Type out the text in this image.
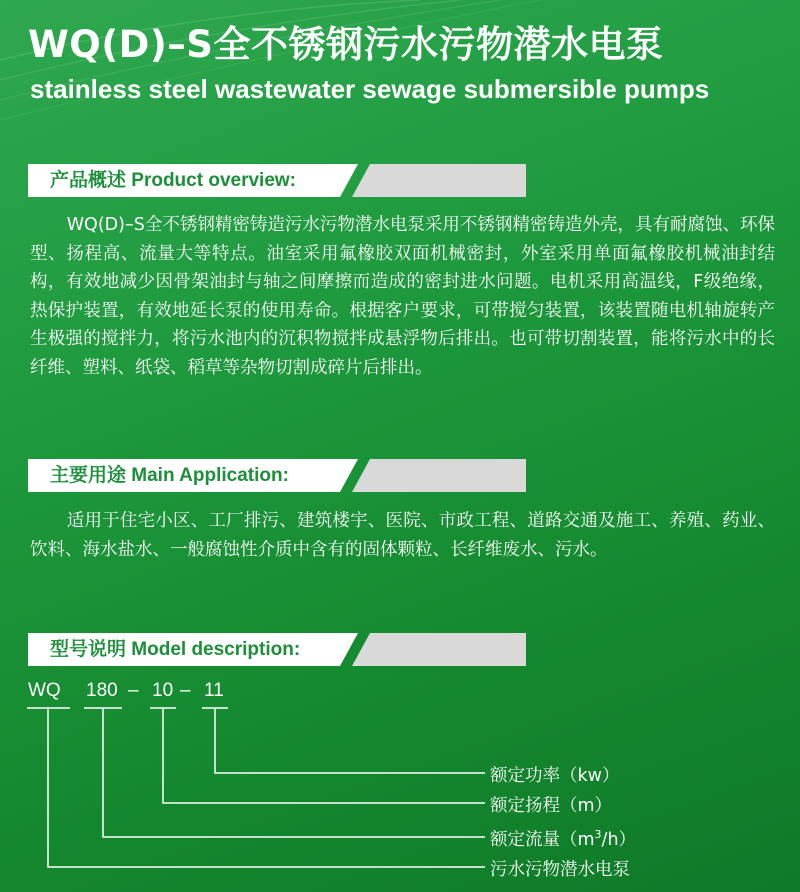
WQ(D)–S全不锈钢污水污物潜水电泵
stainless steel wastewater sewage submersible pumps
产品概述 Product overview:
WQ(D)–S全不锈钢精密铸造污水污物潜水电泵采用不锈钢精密铸造外壳，具有耐腐蚀、环保型、扬程高、流量大等特点。油室采用氟橡胶双面机械密封，外室采用单面氟橡胶机械油封结构，有效地减少因骨架油封与轴之间摩擦而造成的密封进水问题。电机采用高温线，F级绝缘，热保护装置，有效地延长泵的使用寿命。根据客户要求，可带搅匀装置，该装置随电机轴旋转产生极强的搅拌力，将污水池内的沉积物搅拌成悬浮物后排出。也可带切割装置，能将污水中的长纤维、塑料、纸袋、稻草等杂物切割成碎片后排出。
主要用途 Main Application:
适用于住宅小区、工厂排污、建筑楼宇、医院、市政工程、道路交通及施工、养殖、药业、饮料、海水盐水、一般腐蚀性介质中含有的固体颗粒、长纤维废水、污水。
型号说明 Model description:
WQ 180 – 10 – 11
额定功率（kw）
额定扬程（m）
额定流量$(m^3/h)$
污水污物潜水电泵
